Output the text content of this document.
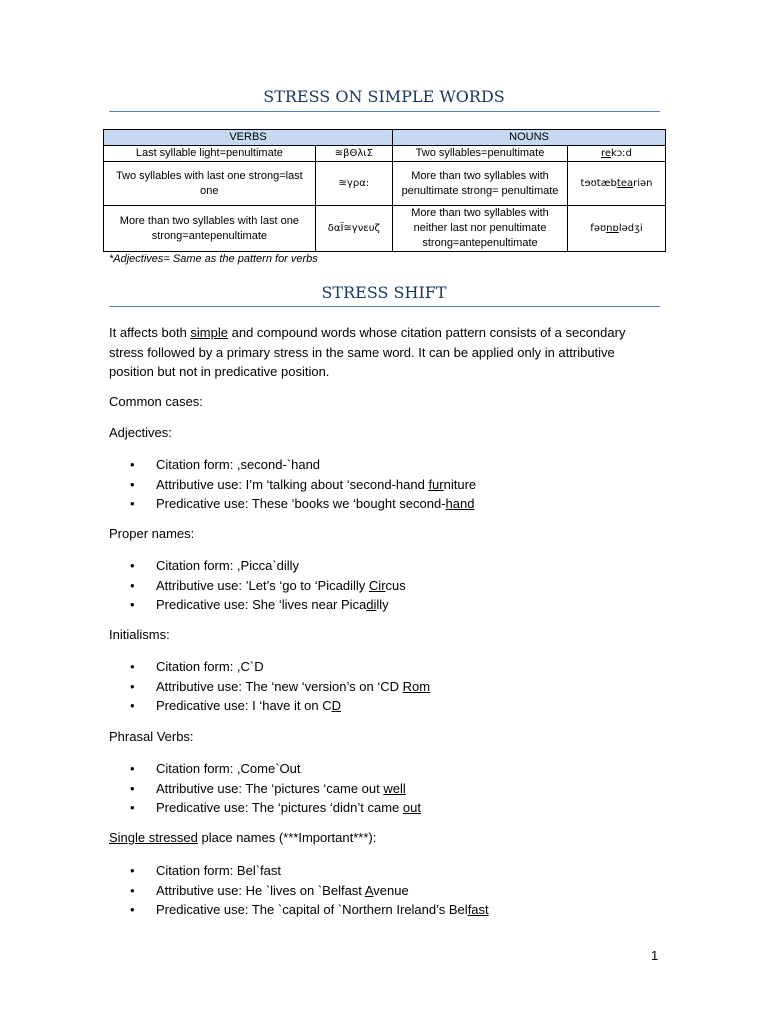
STRESS ON SIMPLE WORDS
VERBS		NOUNS	
Last syllable light=penultimate	≊βΘλιΣ	Two syllables=penultimate	rekɔːd
Two syllables with last one strong=last one	≊γρα:	More than two syllables with penultimate strong= penultimate	tɘʊtæbteariən
More than two syllables with last one strong=antepenultimate	δαΪ≅γνευζ	More than two syllables with neither last nor penultimate strong=antepenultimate	fəʊnɒlədʒi
*Adjectives= Same as the pattern for verbs
STRESS SHIFT
It affects both simple and compound words whose citation pattern consists of a secondary stress followed by a primary stress in the same word. It can be applied only in attributive position but not in predicative position.
Common cases:
Adjectives:
• Citation form: ,second-`hand
• Attributive use: I’m ‘talking about ‘second-hand furniture
• Predicative use: These ‘books we ‘bought second-hand
Proper names:
• Citation form: ,Picca`dilly
• Attributive use: ’Let’s ‘go to ‘Picadilly Circus
• Predicative use: She ‘lives near Picadilly
Initialisms:
• Citation form: ,C`D
• Attributive use: The ‘new ‘version’s on ‘CD Rom
• Predicative use: I ‘have it on CD
Phrasal Verbs:
• Citation form: ,Come`Out
• Attributive use: The ‘pictures ‘came out well
• Predicative use: The ‘pictures ‘didn’t came out
Single stressed place names (***Important***):
• Citation form: Bel`fast
• Attributive use: He `lives on `Belfast Avenue
• Predicative use: The `capital of `Northern Ireland’s Belfast
1
